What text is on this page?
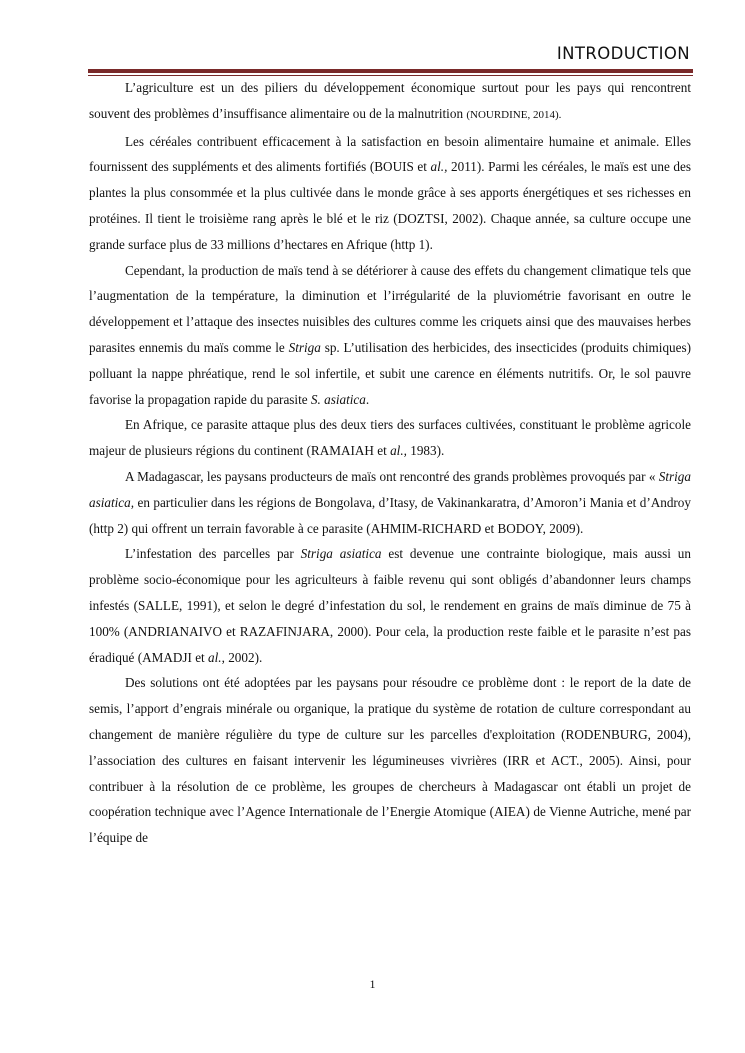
INTRODUCTION

L’agriculture est un des piliers du développement économique surtout pour les pays qui rencontrent souvent des problèmes d’insuffisance alimentaire ou de la malnutrition (NOURDINE, 2014).

Les céréales contribuent efficacement à la satisfaction en besoin alimentaire humaine et animale. Elles fournissent des suppléments et des aliments fortifiés (BOUIS et al., 2011). Parmi les céréales, le maïs est une des plantes la plus consommée et la plus cultivée dans le monde grâce à ses apports énergétiques et ses richesses en protéines. Il tient le troisième rang après le blé et le riz (DOZTSI, 2002). Chaque année, sa culture occupe une grande surface plus de 33 millions d’hectares en Afrique (http 1).

Cependant, la production de maïs tend à se détériorer à cause des effets du changement climatique tels que l’augmentation de la température, la diminution et l’irrégularité de la pluviométrie favorisant en outre le développement et l’attaque des insectes nuisibles des cultures comme les criquets ainsi que des mauvaises herbes parasites ennemis du maïs comme le Striga sp. L’utilisation des herbicides, des insecticides (produits chimiques) polluant la nappe phréatique, rend le sol infertile, et subit une carence en éléments nutritifs. Or, le sol pauvre favorise la propagation rapide du parasite S. asiatica.

En Afrique, ce parasite attaque plus des deux tiers des surfaces cultivées, constituant le problème agricole majeur de plusieurs régions du continent (RAMAIAH et al., 1983).

A Madagascar, les paysans producteurs de maïs ont rencontré des grands problèmes provoqués par « Striga asiatica, en particulier dans les régions de Bongolava, d’Itasy, de Vakinankaratra, d’Amoron’i Mania et d’Androy (http 2) qui offrent un terrain favorable à ce parasite (AHMIM-RICHARD et BODOY, 2009).

L’infestation des parcelles par Striga asiatica est devenue une contrainte biologique, mais aussi un problème socio-économique pour les agriculteurs à faible revenu qui sont obligés d’abandonner leurs champs infestés (SALLE, 1991), et selon le degré d’infestation du sol, le rendement en grains de maïs diminue de 75 à 100% (ANDRIANAIVO et RAZAFINJARA, 2000). Pour cela, la production reste faible et le parasite n’est pas éradiqué (AMADJI et al., 2002).

Des solutions ont été adoptées par les paysans pour résoudre ce problème dont : le report de la date de semis, l’apport d’engrais minérale ou organique, la pratique du système de rotation de culture correspondant au changement de manière régulière du type de culture sur les parcelles d'exploitation (RODENBURG, 2004), l’association des cultures en faisant intervenir les légumineuses vivrières (IRR et ACT., 2005). Ainsi, pour contribuer à la résolution de ce problème, les groupes de chercheurs à Madagascar ont établi un projet de coopération technique avec l’Agence Internationale de l’Energie Atomique (AIEA) de Vienne Autriche, mené par l’équipe de

1
